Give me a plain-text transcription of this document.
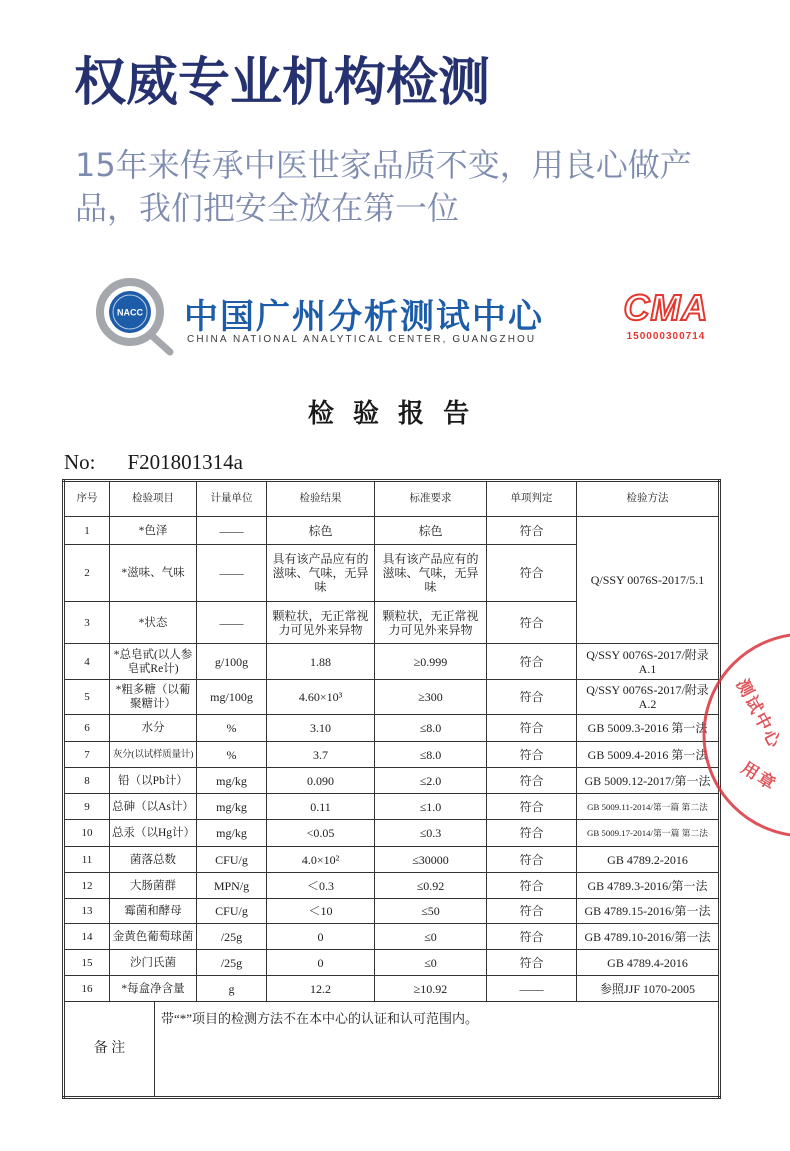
权威专业机构检测
15年来传承中医世家品质不变，用良心做产
品，我们把安全放在第一位
NACC 中国广州分析测试中心
CHINA NATIONAL ANALYTICAL CENTER, GUANGZHOU
CMA
150000300714
检 验 报 告
No: F201801314a
序号	检验项目	计量单位	检验结果	标准要求	单项判定	检验方法
1	*色泽	——	棕色	棕色	符合	Q/SSY 0076S-2017/5.1
2	*滋味、气味	——	具有该产品应有的滋味、气味，无异味	具有该产品应有的滋味、气味，无异味	符合	
3	*状态	——	颗粒状，无正常视力可见外来异物	颗粒状，无正常视力可见外来异物	符合	
4	*总皂甙(以人参皂甙Re计)	g/100g	1.88	≥0.999	符合	Q/SSY 0076S-2017/附录A.1
5	*粗多糖（以葡聚糖计）	mg/100g	4.60×10³	≥300	符合	Q/SSY 0076S-2017/附录A.2
6	水分	%	3.10	≤8.0	符合	GB 5009.3-2016 第一法
7	灰分(以试样质量计)	%	3.7	≤8.0	符合	GB 5009.4-2016 第一法
8	铅（以Pb计）	mg/kg	0.090	≤2.0	符合	GB 5009.12-2017/第一法
9	总砷（以As计）	mg/kg	0.11	≤1.0	符合	GB 5009.11-2014/第一篇 第二法
10	总汞（以Hg计）	mg/kg	<0.05	≤0.3	符合	GB 5009.17-2014/第一篇 第二法
11	菌落总数	CFU/g	4.0×10²	≤30000	符合	GB 4789.2-2016
12	大肠菌群	MPN/g	＜0.3	≤0.92	符合	GB 4789.3-2016/第一法
13	霉菌和酵母	CFU/g	＜10	≤50	符合	GB 4789.15-2016/第一法
14	金黄色葡萄球菌	/25g	0	≤0	符合	GB 4789.10-2016/第一法
15	沙门氏菌	/25g	0	≤0	符合	GB 4789.4-2016
16	*每盒净含量	g	12.2	≥10.92	——	参照JJF 1070-2005

备 注
带“*”项目的检测方法不在本中心的认证和认可范围内。						
测试中心
用章
